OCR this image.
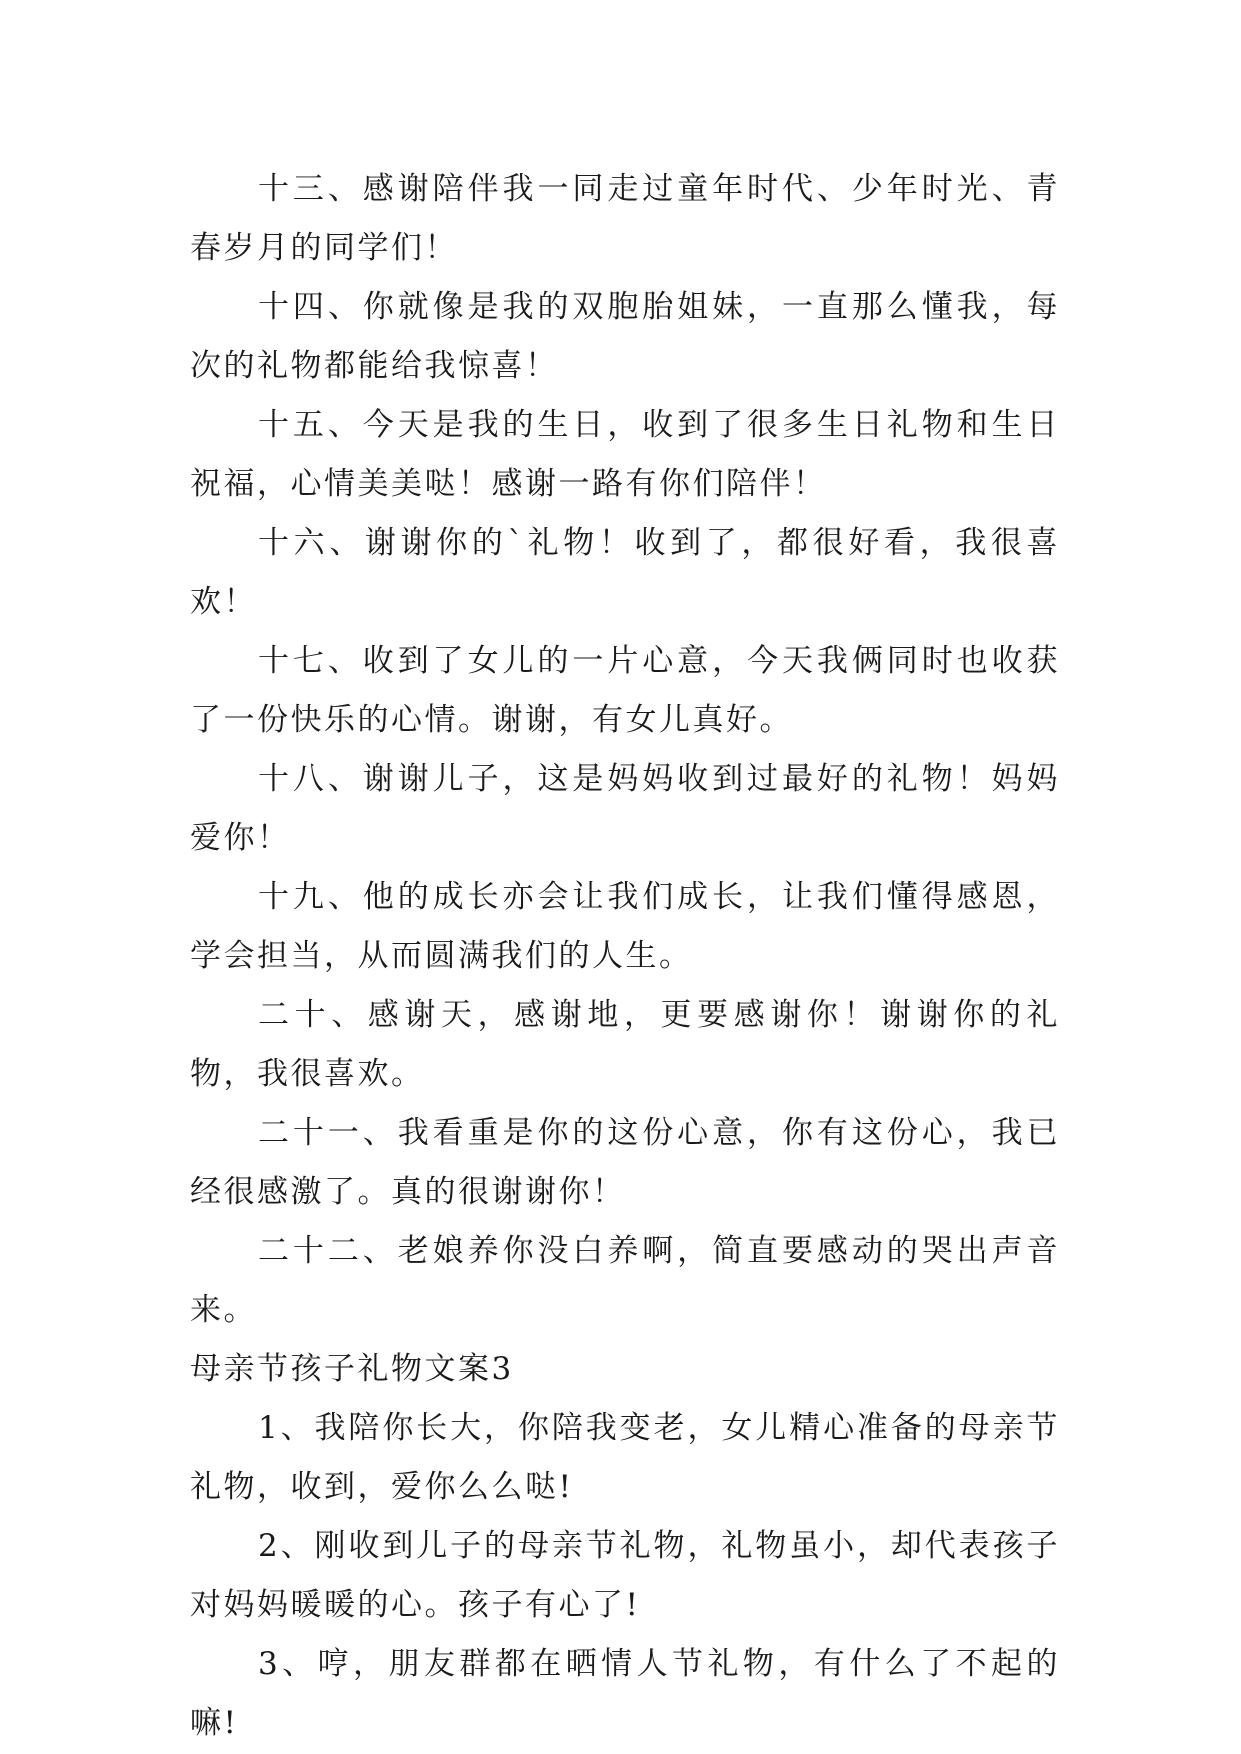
十三、感谢陪伴我一同走过童年时代、少年时光、青春岁月的同学们！

十四、你就像是我的双胞胎姐妹，一直那么懂我，每次的礼物都能给我惊喜！

十五、今天是我的生日，收到了很多生日礼物和生日祝福，心情美美哒！感谢一路有你们陪伴！

十六、谢谢你的`礼物！收到了，都很好看，我很喜欢！

十七、收到了女儿的一片心意，今天我俩同时也收获了一份快乐的心情。谢谢，有女儿真好。

十八、谢谢儿子，这是妈妈收到过最好的礼物！妈妈爱你！

十九、他的成长亦会让我们成长，让我们懂得感恩，学会担当，从而圆满我们的人生。

二十、感谢天，感谢地，更要感谢你！谢谢你的礼物，我很喜欢。

二十一、我看重是你的这份心意，你有这份心，我已经很感激了。真的很谢谢你！

二十二、老娘养你没白养啊，简直要感动的哭出声音来。

母亲节孩子礼物文案3

1、我陪你长大，你陪我变老，女儿精心准备的母亲节礼物，收到，爱你么么哒!

2、刚收到儿子的母亲节礼物，礼物虽小，却代表孩子对妈妈暖暖的心。孩子有心了!

3、哼，朋友群都在晒情人节礼物，有什么了不起的嘛!
